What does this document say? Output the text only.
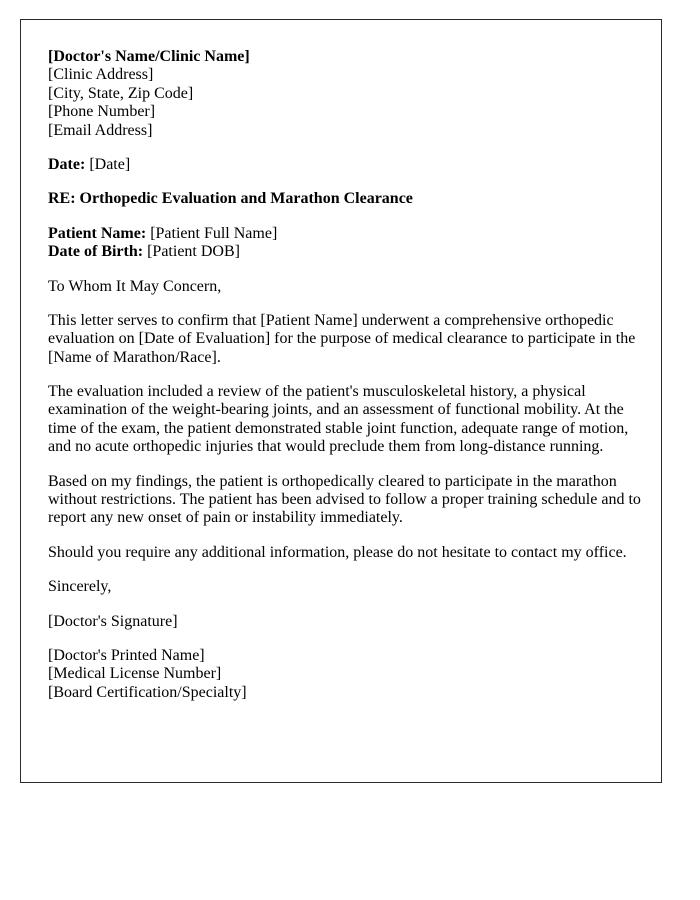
[Doctor's Name/Clinic Name]
[Clinic Address]
[City, State, Zip Code]
[Phone Number]
[Email Address]

Date: [Date]

RE: Orthopedic Evaluation and Marathon Clearance

Patient Name: [Patient Full Name]
Date of Birth: [Patient DOB]

To Whom It May Concern,

This letter serves to confirm that [Patient Name] underwent a comprehensive orthopedic evaluation on [Date of Evaluation] for the purpose of medical clearance to participate in the [Name of Marathon/Race].

The evaluation included a review of the patient's musculoskeletal history, a physical examination of the weight-bearing joints, and an assessment of functional mobility. At the time of the exam, the patient demonstrated stable joint function, adequate range of motion, and no acute orthopedic injuries that would preclude them from long-distance running.

Based on my findings, the patient is orthopedically cleared to participate in the marathon without restrictions. The patient has been advised to follow a proper training schedule and to report any new onset of pain or instability immediately.

Should you require any additional information, please do not hesitate to contact my office.

Sincerely,

[Doctor's Signature]

[Doctor's Printed Name]
[Medical License Number]
[Board Certification/Specialty]
